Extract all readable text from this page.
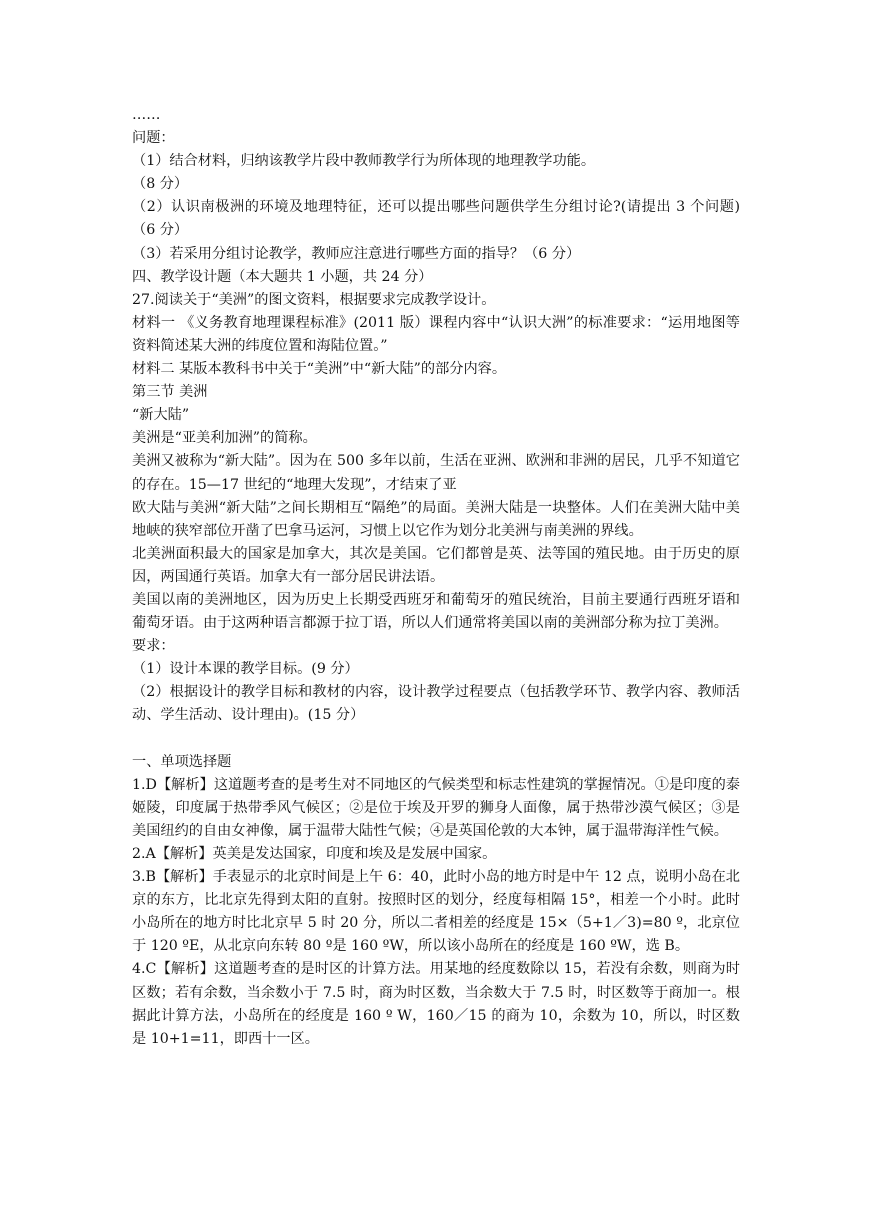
……
问题：
（1）结合材料，归纳该教学片段中教师教学行为所体现的地理教学功能。
（8 分）
（2）认识南极洲的环境及地理特征，还可以提出哪些问题供学生分组讨论?(请提出 3 个问题)（6 分）
（3）若采用分组讨论教学，教师应注意进行哪些方面的指导？（6 分）
四、教学设计题（本大题共 1 小题，共 24 分）
27.阅读关于“美洲”的图文资料，根据要求完成教学设计。
材料一 《义务教育地理课程标准》(2011 版）课程内容中“认识大洲”的标准要求：“运用地图等资料简述某大洲的纬度位置和海陆位置。”
材料二 某版本教科书中关于“美洲”中“新大陆”的部分内容。
第三节 美洲
“新大陆”
美洲是“亚美利加洲”的简称。
美洲又被称为“新大陆”。因为在 500 多年以前，生活在亚洲、欧洲和非洲的居民，几乎不知道它的存在。15—17 世纪的“地理大发现”，才结束了亚
欧大陆与美洲“新大陆”之间长期相互“隔绝”的局面。美洲大陆是一块整体。人们在美洲大陆中美地峡的狭窄部位开凿了巴拿马运河，习惯上以它作为划分北美洲与南美洲的界线。
北美洲面积最大的国家是加拿大，其次是美国。它们都曾是英、法等国的殖民地。由于历史的原因，两国通行英语。加拿大有一部分居民讲法语。
美国以南的美洲地区，因为历史上长期受西班牙和葡萄牙的殖民统治，目前主要通行西班牙语和葡萄牙语。由于这两种语言都源于拉丁语，所以人们通常将美国以南的美洲部分称为拉丁美洲。
要求：
（1）设计本课的教学目标。(9 分）
（2）根据设计的教学目标和教材的内容，设计教学过程要点（包括教学环节、教学内容、教师活动、学生活动、设计理由)。(15 分）
一、单项选择题
1.D【解析】这道题考查的是考生对不同地区的气候类型和标志性建筑的掌握情况。①是印度的泰姬陵，印度属于热带季风气候区；②是位于埃及开罗的狮身人面像，属于热带沙漠气候区；③是美国纽约的自由女神像，属于温带大陆性气候；④是英国伦敦的大本钟，属于温带海洋性气候。
2.A【解析】英美是发达国家，印度和埃及是发展中国家。
3.B【解析】手表显示的北京时间是上午 6：40，此时小岛的地方时是中午 12 点，说明小岛在北京的东方，比北京先得到太阳的直射。按照时区的划分，经度每相隔 15°，相差一个小时。此时小岛所在的地方时比北京早 5 时 20 分，所以二者相差的经度是 15×（5+1／3)=80 º，北京位于 120 ºE，从北京向东转 80 º是 160 ºW，所以该小岛所在的经度是 160 ºW，选 B。
4.C【解析】这道题考查的是时区的计算方法。用某地的经度数除以 15，若没有余数，则商为时区数；若有余数，当余数小于 7.5 时，商为时区数，当余数大于 7.5 时，时区数等于商加一。根据此计算方法，小岛所在的经度是 160 º W，160／15 的商为 10，余数为 10，所以，时区数是 10+1=11，即西十一区。
